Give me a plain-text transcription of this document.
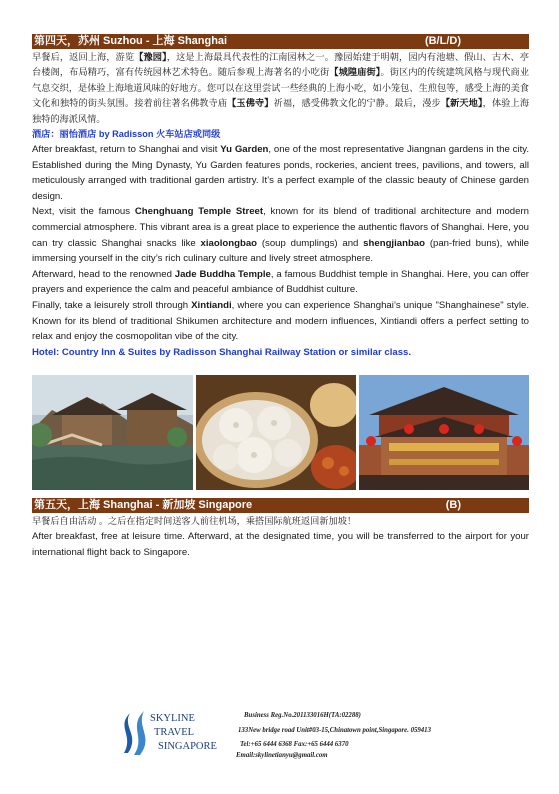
第四天，苏州 Suzhou - 上海 Shanghai	(B/L/D)

早餐后，返回上海，游览【豫园】，这是上海最具代表性的江南园林之一。豫园始建于明朝，园内有池塘、假山、古木、亭台楼阁，布局精巧，富有传统园林艺术特色。随后参观上海著名的小吃街【城隍庙街】。街区内的传统建筑风格与现代商业气息交织，是体验上海地道风味的好地方。您可以在这里尝试一些经典的上海小吃，如小笼包、生煎包等，感受上海的美食文化和独特的街头氛围。接着前往著名佛教寺庙【玉佛寺】祈福，感受佛教文化的宁静。最后，漫步【新天地】，体验上海独特的海派风情。

酒店：丽怡酒店 by Radisson 火车站店或同级

After breakfast, return to Shanghai and visit Yu Garden, one of the most representative Jiangnan gardens in the city. Established during the Ming Dynasty, Yu Garden features ponds, rockeries, ancient trees, pavilions, and towers, all meticulously arranged with traditional garden artistry. It’s a perfect example of the classic beauty of Chinese garden design.

Next, visit the famous Chenghuang Temple Street, known for its blend of traditional architecture and modern commercial atmosphere. This vibrant area is a great place to experience the authentic flavors of Shanghai. Here, you can try classic Shanghai snacks like xiaolongbao (soup dumplings) and shengjianbao (pan-fried buns), while immersing yourself in the city’s rich culinary culture and lively street atmosphere.

Afterward, head to the renowned Jade Buddha Temple, a famous Buddhist temple in Shanghai. Here, you can offer prayers and experience the calm and peaceful ambiance of Buddhist culture.

Finally, take a leisurely stroll through Xintiandi, where you can experience Shanghai’s unique "Shanghainese" style. Known for its blend of traditional Shikumen architecture and modern influences, Xintiandi offers a perfect setting to relax and enjoy the cosmopolitan vibe of the city.

Hotel: Country Inn & Suites by Radisson Shanghai Railway Station or similar class.
第五天，上海 Shanghai - 新加坡 Singapore	(B)

早餐后自由活动 。之后在指定时间送客人前往机场，乘搭国际航班返回新加坡！

After breakfast, free at leisure time. Afterward, at the designated time, you will be transferred to the airport for your international flight back to Singapore.

SKYLINE
TRAVEL
SINGAPORE
Business Reg.No.201133016H(TA:02288)
133New bridge road Unit#03-15,Chinatown point,Singapore. 059413
Tel:+65 6444 6368 Fax:+65 6444 6370
Email:skylinetianyu@gmail.com
